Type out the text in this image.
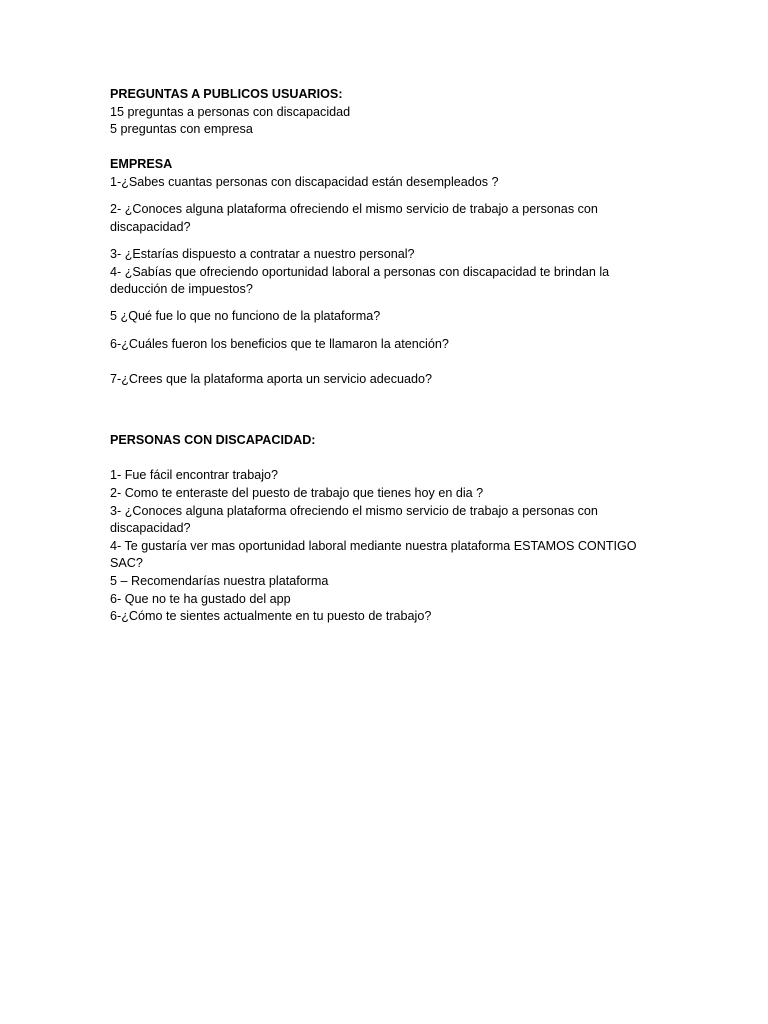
PREGUNTAS A PUBLICOS USUARIOS:

15 preguntas a personas con discapacidad

5 preguntas con empresa

EMPRESA

1-¿Sabes cuantas personas con discapacidad están desempleados ?

2- ¿Conoces alguna plataforma ofreciendo el mismo servicio de trabajo a personas con discapacidad?

3- ¿Estarías dispuesto a contratar a nuestro personal?

4- ¿Sabías que ofreciendo oportunidad laboral a personas con discapacidad te brindan la deducción de impuestos?

5 ¿Qué fue lo que no funciono de la plataforma?

6-¿Cuáles fueron los beneficios que te llamaron la atención?

7-¿Crees que la plataforma aporta un servicio adecuado?

PERSONAS CON DISCAPACIDAD:

1- Fue fácil encontrar trabajo?

2- Como te enteraste del puesto de trabajo que tienes hoy en dia ?

3- ¿Conoces alguna plataforma ofreciendo el mismo servicio de trabajo a personas con discapacidad?

4- Te gustaría ver mas oportunidad laboral mediante nuestra plataforma ESTAMOS CONTIGO SAC?

5 – Recomendarías nuestra plataforma

6- Que no te ha gustado del app

6-¿Cómo te sientes actualmente en tu puesto de trabajo?
